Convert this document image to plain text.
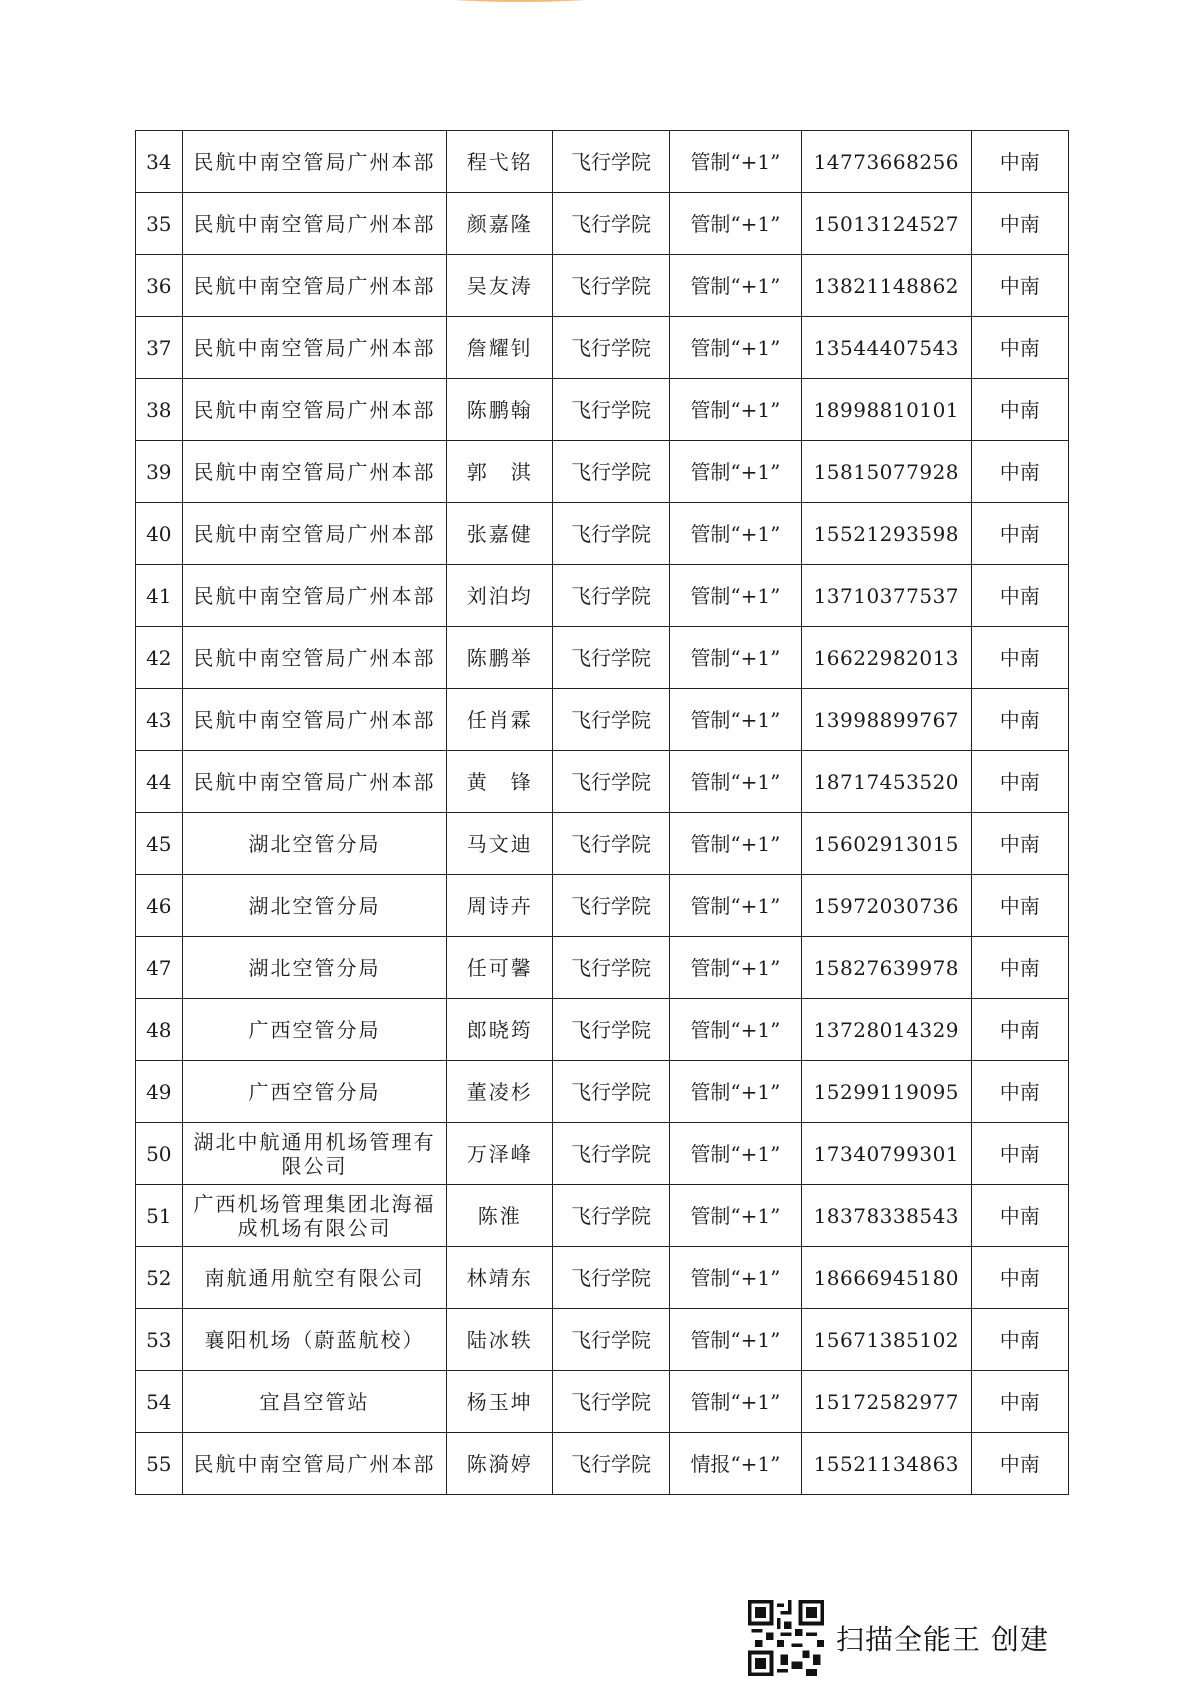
34	民航中南空管局广州本部	程弋铭	飞行学院	管制“+1”	14773668256	中南
35	民航中南空管局广州本部	颜嘉隆	飞行学院	管制“+1”	15013124527	中南
36	民航中南空管局广州本部	吴友涛	飞行学院	管制“+1”	13821148862	中南
37	民航中南空管局广州本部	詹耀钊	飞行学院	管制“+1”	13544407543	中南
38	民航中南空管局广州本部	陈鹏翰	飞行学院	管制“+1”	18998810101	中南
39	民航中南空管局广州本部	郭　淇	飞行学院	管制“+1”	15815077928	中南
40	民航中南空管局广州本部	张嘉健	飞行学院	管制“+1”	15521293598	中南
41	民航中南空管局广州本部	刘泊均	飞行学院	管制“+1”	13710377537	中南
42	民航中南空管局广州本部	陈鹏举	飞行学院	管制“+1”	16622982013	中南
43	民航中南空管局广州本部	任肖霖	飞行学院	管制“+1”	13998899767	中南
44	民航中南空管局广州本部	黄　锋	飞行学院	管制“+1”	18717453520	中南
45	湖北空管分局	马文迪	飞行学院	管制“+1”	15602913015	中南
46	湖北空管分局	周诗卉	飞行学院	管制“+1”	15972030736	中南
47	湖北空管分局	任可馨	飞行学院	管制“+1”	15827639978	中南
48	广西空管分局	郎晓筠	飞行学院	管制“+1”	13728014329	中南
49	广西空管分局	董凌杉	飞行学院	管制“+1”	15299119095	中南
50	湖北中航通用机场管理有限公司	万泽峰	飞行学院	管制“+1”	17340799301	中南
51	广西机场管理集团北海福成机场有限公司	陈淮	飞行学院	管制“+1”	18378338543	中南
52	南航通用航空有限公司	林靖东	飞行学院	管制“+1”	18666945180	中南
53	襄阳机场（蔚蓝航校）	陆冰轶	飞行学院	管制“+1”	15671385102	中南
54	宜昌空管站	杨玉坤	飞行学院	管制“+1”	15172582977	中南
55	民航中南空管局广州本部	陈漪婷	飞行学院	情报“+1”	15521134863	中南
扫描全能王 创建
